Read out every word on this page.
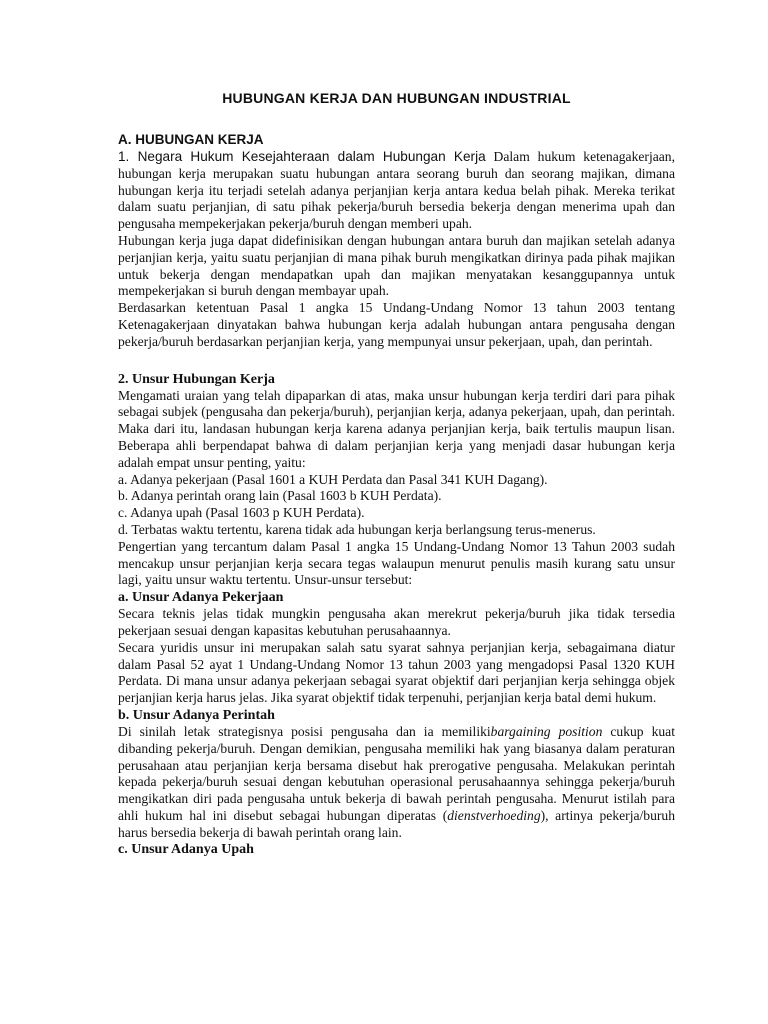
HUBUNGAN KERJA DAN HUBUNGAN INDUSTRIAL
A. HUBUNGAN KERJA

1. Negara Hukum Kesejahteraan dalam Hubungan Kerja Dalam hukum ketenagakerjaan, hubungan kerja merupakan suatu hubungan antara seorang buruh dan seorang majikan, dimana hubungan kerja itu terjadi setelah adanya perjanjian kerja antara kedua belah pihak. Mereka terikat dalam suatu perjanjian, di satu pihak pekerja/buruh bersedia bekerja dengan menerima upah dan pengusaha mempekerjakan pekerja/buruh dengan memberi upah.

Hubungan kerja juga dapat didefinisikan dengan hubungan antara buruh dan majikan setelah adanya perjanjian kerja, yaitu suatu perjanjian di mana pihak buruh mengikatkan dirinya pada pihak majikan untuk bekerja dengan mendapatkan upah dan majikan menyatakan kesanggupannya untuk mempekerjakan si buruh dengan membayar upah.

Berdasarkan ketentuan Pasal 1 angka 15 Undang-Undang Nomor 13 tahun 2003 tentang Ketenagakerjaan dinyatakan bahwa hubungan kerja adalah hubungan antara pengusaha dengan pekerja/buruh berdasarkan perjanjian kerja, yang mempunyai unsur pekerjaan, upah, dan perintah.

2. Unsur Hubungan Kerja

Mengamati uraian yang telah dipaparkan di atas, maka unsur hubungan kerja terdiri dari para pihak sebagai subjek (pengusaha dan pekerja/buruh), perjanjian kerja, adanya pekerjaan, upah, dan perintah. Maka dari itu, landasan hubungan kerja karena adanya perjanjian kerja, baik tertulis maupun lisan. Beberapa ahli berpendapat bahwa di dalam perjanjian kerja yang menjadi dasar hubungan kerja adalah empat unsur penting, yaitu:

a. Adanya pekerjaan (Pasal 1601 a KUH Perdata dan Pasal 341 KUH Dagang).

b. Adanya perintah orang lain (Pasal 1603 b KUH Perdata).

c. Adanya upah (Pasal 1603 p KUH Perdata).

d. Terbatas waktu tertentu, karena tidak ada hubungan kerja berlangsung terus-menerus.

Pengertian yang tercantum dalam Pasal 1 angka 15 Undang-Undang Nomor 13 Tahun 2003 sudah mencakup unsur perjanjian kerja secara tegas walaupun menurut penulis masih kurang satu unsur lagi, yaitu unsur waktu tertentu. Unsur-unsur tersebut:

a. Unsur Adanya Pekerjaan

Secara teknis jelas tidak mungkin pengusaha akan merekrut pekerja/buruh jika tidak tersedia pekerjaan sesuai dengan kapasitas kebutuhan perusahaannya.

Secara yuridis unsur ini merupakan salah satu syarat sahnya perjanjian kerja, sebagaimana diatur dalam Pasal 52 ayat 1 Undang-Undang Nomor 13 tahun 2003 yang mengadopsi Pasal 1320 KUH Perdata. Di mana unsur adanya pekerjaan sebagai syarat objektif dari perjanjian kerja sehingga objek perjanjian kerja harus jelas. Jika syarat objektif tidak terpenuhi, perjanjian kerja batal demi hukum.

b. Unsur Adanya Perintah

Di sinilah letak strategisnya posisi pengusaha dan ia memilikibargaining position cukup kuat dibanding pekerja/buruh. Dengan demikian, pengusaha memiliki hak yang biasanya dalam peraturan perusahaan atau perjanjian kerja bersama disebut hak prerogative pengusaha. Melakukan perintah kepada pekerja/buruh sesuai dengan kebutuhan operasional perusahaannya sehingga pekerja/buruh mengikatkan diri pada pengusaha untuk bekerja di bawah perintah pengusaha. Menurut istilah para ahli hukum hal ini disebut sebagai hubungan diperatas (dienstverhoeding), artinya pekerja/buruh harus bersedia bekerja di bawah perintah orang lain.

c. Unsur Adanya Upah
